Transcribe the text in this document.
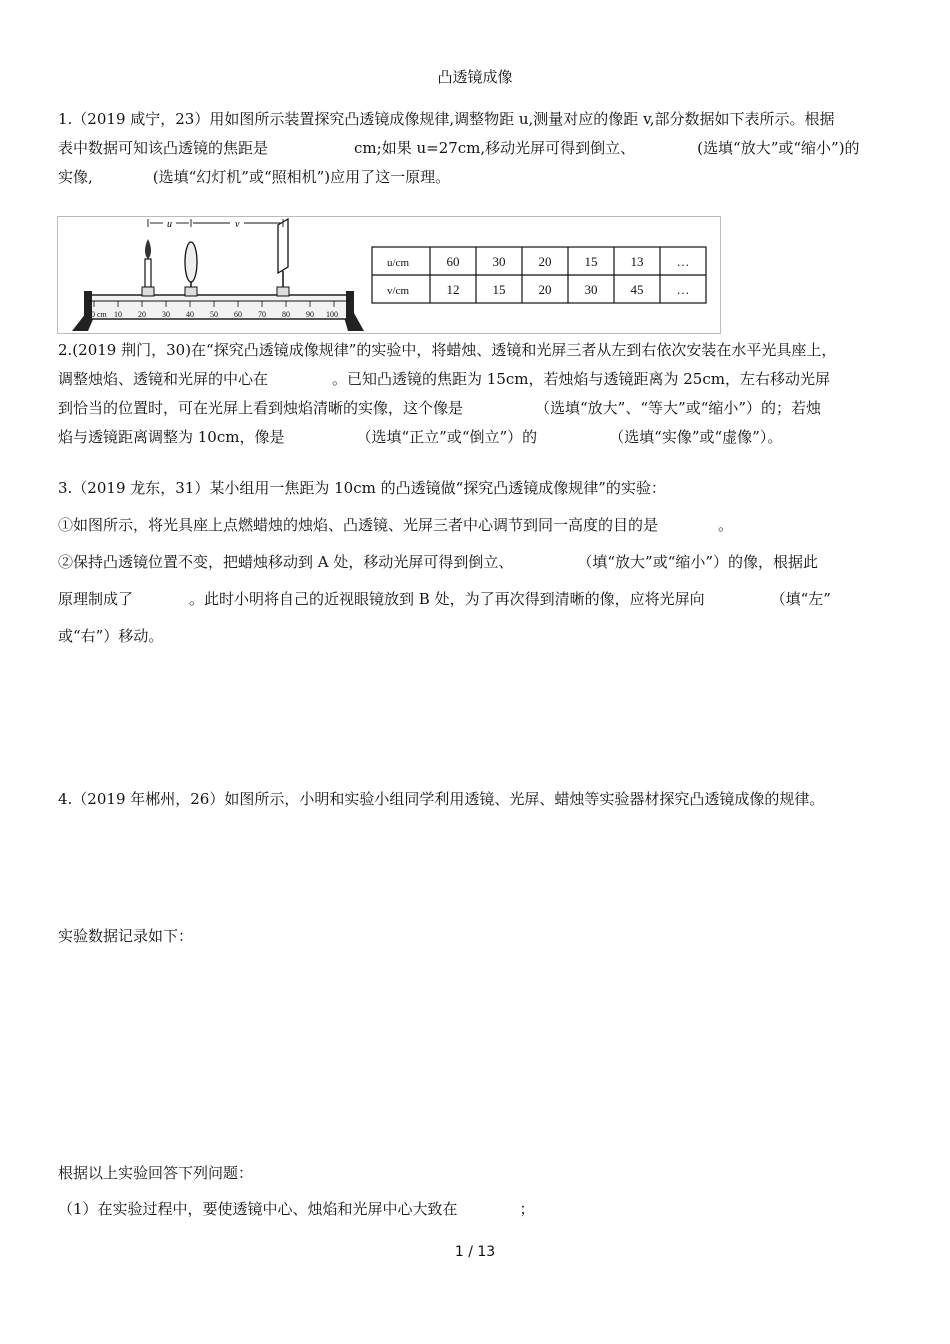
凸透镜成像
1.（2019 咸宁，23）用如图所示装置探究凸透镜成像规律,调整物距 u,测量对应的像距 v,部分数据如下表所示。根据
表中数据可知该凸透镜的焦距是	cm;如果 u=27cm,移动光屏可得到倒立、	(选填“放大”或“缩小”)的
实像,	(选填“幻灯机”或“照相机”)应用了这一原理。
0 cm 10 20 30 40 50 60 70 80 90 100
u	v
u/cm	60	30	20	15	13	…
v/cm	12	15	20	30	45	…
2.(2019 荆门，30)在“探究凸透镜成像规律”的实验中，将蜡烛、透镜和光屏三者从左到右依次安装在水平光具座上，
调整烛焰、透镜和光屏的中心在	。已知凸透镜的焦距为 15cm，若烛焰与透镜距离为 25cm，左右移动光屏
到恰当的位置时，可在光屏上看到烛焰清晰的实像，这个像是	（选填“放大”、“等大”或“缩小”）的；若烛
焰与透镜距离调整为 10cm，像是	（选填“正立”或“倒立”）的	（选填“实像”或“虚像”）。
3.（2019 龙东，31）某小组用一焦距为 10cm 的凸透镜做“探究凸透镜成像规律”的实验：
①如图所示，将光具座上点燃蜡烛的烛焰、凸透镜、光屏三者中心调节到同一高度的目的是	。
②保持凸透镜位置不变，把蜡烛移动到 A 处，移动光屏可得到倒立、	（填“放大”或“缩小”）的像，根据此
原理制成了	。此时小明将自己的近视眼镜放到 B 处，为了再次得到清晰的像，应将光屏向	（填“左”
或“右”）移动。
4.（2019 年郴州，26）如图所示，小明和实验小组同学利用透镜、光屏、蜡烛等实验器材探究凸透镜成像的规律。
实验数据记录如下：
根据以上实验回答下列问题：
（1）在实验过程中，要使透镜中心、烛焰和光屏中心大致在	；
1 / 13
